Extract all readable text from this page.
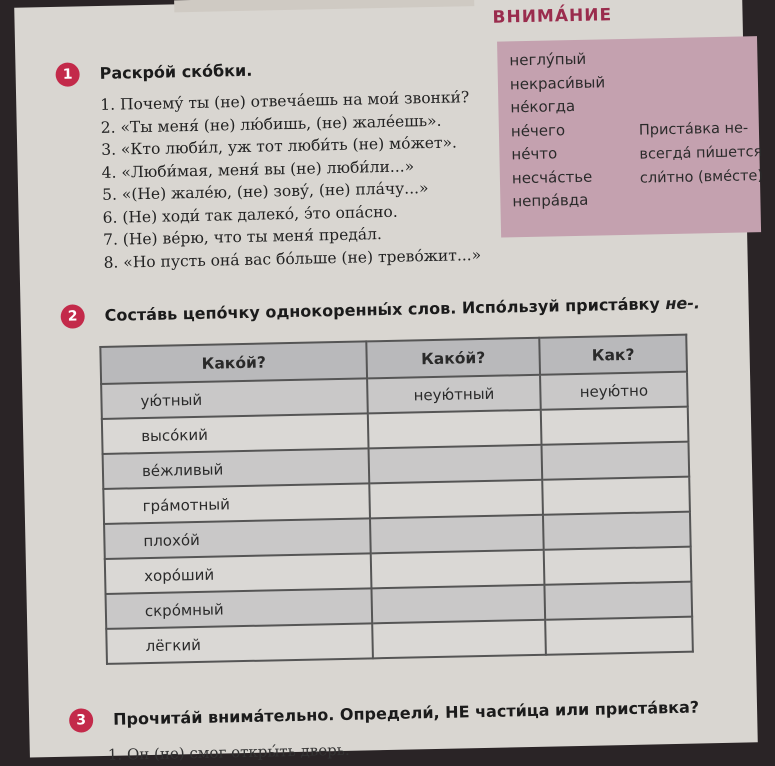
1	Раскро́й ско́бки.
1. Почему́ ты (не) отвеча́ешь на мои́ звонки́?
2. «Ты меня́ (не) лю́бишь, (не) жале́ешь».
3. «Кто люби́л, уж тот люби́ть (не) мо́жет».
4. «Люби́мая, меня́ вы (не) люби́ли...»
5. «(Не) жале́ю, (не) зову́, (не) пла́чу...»
6. (Не) ходи́ так далеко́, э́то опа́сно.
7. (Не) ве́рю, что ты меня́ преда́л.
8. «Но пусть она́ вас бо́льше (не) трево́жит...»
ВНИМА́НИЕ
неглу́пый
некраси́вый
не́когда
не́чего
не́что
несча́стье
непра́вда
Приста́вка не-
всегда́ пи́шется
сли́тно (вме́сте)
2	Соста́вь цепо́чку однокоренны́х слов. Испо́льзуй приста́вку не-.
Како́й?	Како́й?	Как?
ую́тный	неую́тный	неую́тно
высо́кий		
ве́жливый		
гра́мотный		
плохо́й		
хоро́ший		
скро́мный		
лёгкий		
3	Прочита́й внима́тельно. Определи́, НЕ части́ца или приста́вка?
1. Он (не) смог откры́ть дверь.
